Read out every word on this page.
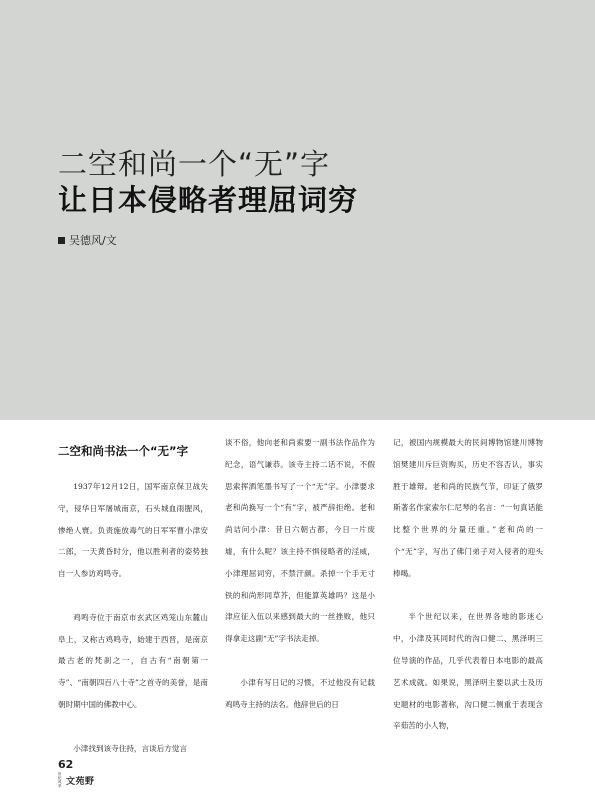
二空和尚一个“无”字
让日本侵略者理屈词穷
吴德风/文
二空和尚书法一个“无”字

1937年12月12日，国军南京保卫战失守，侵华日军屠城南京，石头城血雨腥风，惨绝人寰。负责施放毒气的日军军曹小津安二郎，一天黄昏时分，他以胜利者的姿势独自一人参访鸡鸣寺。

鸡鸣寺位于南京市玄武区鸡笼山东麓山阜上，又称古鸡鸣寺，始建于西晋，是南京最古老的梵刹之一，自古有“南朝第一寺”、“南朝四百八十寺”之首寺的美誉，是南朝时期中国的佛教中心。

小津找到该寺住持，言谈后方觉言

谈不俗，他向老和尚索要一副书法作品作为纪念，语气谦恭。该寺主持二话不说，不假思索挥洒笔墨书写了一个“无”字。小津要求老和尚换写一个“有”字，被严辞拒绝。老和尚诘问小津：昔日六朝古都，今日一片废墟，有什么呢？该主持不惧侵略者的淫威，小津理屈词穷，不禁汗颜。杀掉一个手无寸铁的和尚形同草芥，但能算英雄吗？这是小津应征入伍以来感到最大的一丝挫败，他只得拿走这副“无”字书法走掉。

小津有写日记的习惯，不过他没有记载鸡鸣寺主持的法名。他辞世后的日

记，被国内规模最大的民间博物馆建川博物馆樊建川斥巨资购买，历史不容否认，事实胜于雄辩。老和尚的民族气节，印证了俄罗斯著名作家索尔仁尼琴的名言：“一句真话能比整个世界的分量还重。”老和尚的一个“无”字，写出了佛门弟子对入侵者的迎头棒喝。

半个世纪以来，在世界各地的影迷心中，小津及其同时代的沟口健二、黑泽明三位导演的作品，几乎代表着日本电影的最高艺术成就。如果说，黑泽明主要以武士及历史题材的电影著称，沟口健二侧重于表现含辛茹苦的小人物，

62
世纪风采 文苑野
